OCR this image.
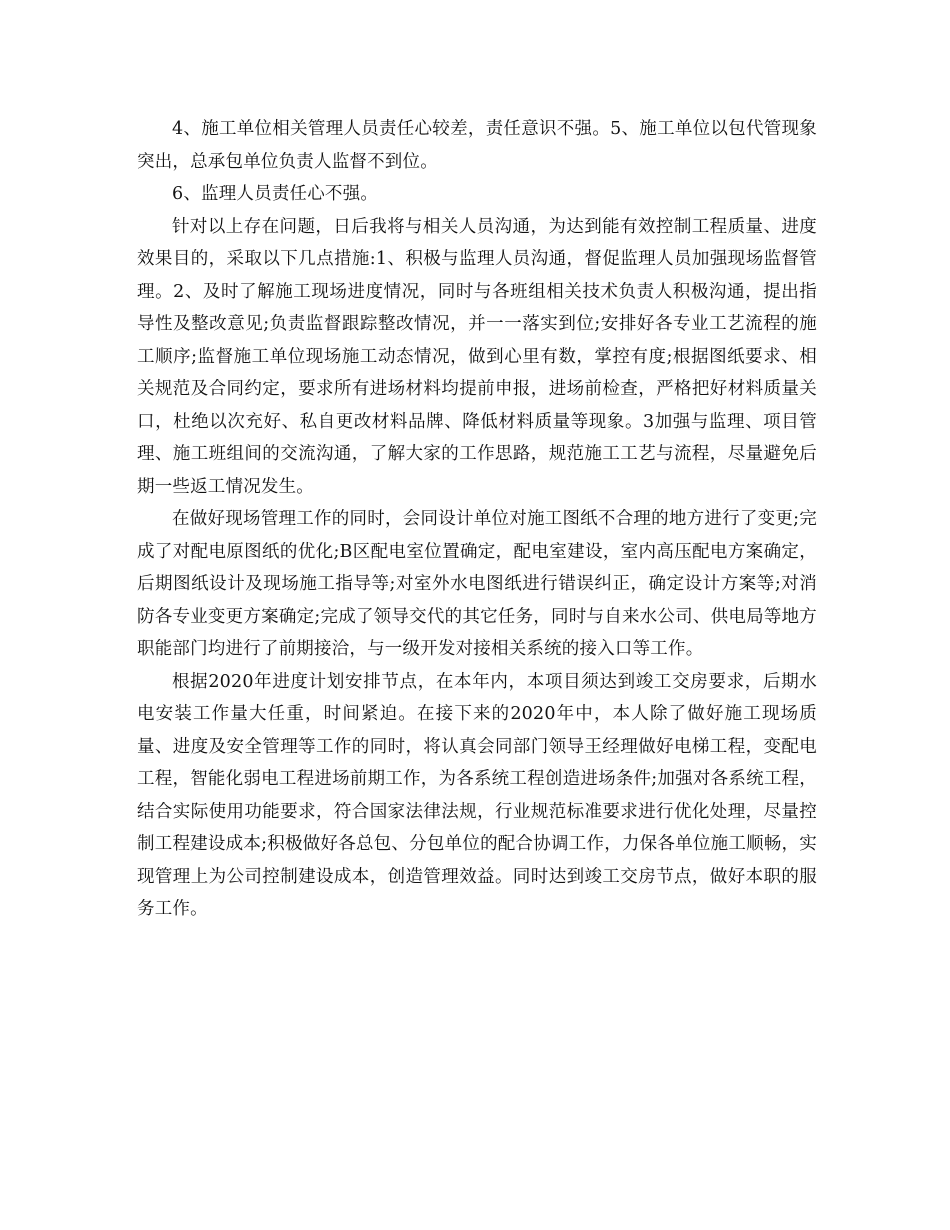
4、施工单位相关管理人员责任心较差，责任意识不强。5、施工单位以包代管现象突出，总承包单位负责人监督不到位。

6、监理人员责任心不强。

针对以上存在问题，日后我将与相关人员沟通，为达到能有效控制工程质量、进度效果目的，采取以下几点措施:1、积极与监理人员沟通，督促监理人员加强现场监督管理。2、及时了解施工现场进度情况，同时与各班组相关技术负责人积极沟通，提出指导性及整改意见;负责监督跟踪整改情况，并一一落实到位;安排好各专业工艺流程的施工顺序;监督施工单位现场施工动态情况，做到心里有数，掌控有度;根据图纸要求、相关规范及合同约定，要求所有进场材料均提前申报，进场前检查，严格把好材料质量关口，杜绝以次充好、私自更改材料品牌、降低材料质量等现象。3加强与监理、项目管理、施工班组间的交流沟通，了解大家的工作思路，规范施工工艺与流程，尽量避免后期一些返工情况发生。

在做好现场管理工作的同时，会同设计单位对施工图纸不合理的地方进行了变更;完成了对配电原图纸的优化;B区配电室位置确定，配电室建设，室内高压配电方案确定，后期图纸设计及现场施工指导等;对室外水电图纸进行错误纠正，确定设计方案等;对消防各专业变更方案确定;完成了领导交代的其它任务，同时与自来水公司、供电局等地方职能部门均进行了前期接洽，与一级开发对接相关系统的接入口等工作。

根据2020年进度计划安排节点，在本年内，本项目须达到竣工交房要求，后期水电安装工作量大任重，时间紧迫。在接下来的2020年中，本人除了做好施工现场质量、进度及安全管理等工作的同时，将认真会同部门领导王经理做好电梯工程，变配电工程，智能化弱电工程进场前期工作，为各系统工程创造进场条件;加强对各系统工程，结合实际使用功能要求，符合国家法律法规，行业规范标准要求进行优化处理，尽量控制工程建设成本;积极做好各总包、分包单位的配合协调工作，力保各单位施工顺畅，实现管理上为公司控制建设成本，创造管理效益。同时达到竣工交房节点，做好本职的服务工作。
